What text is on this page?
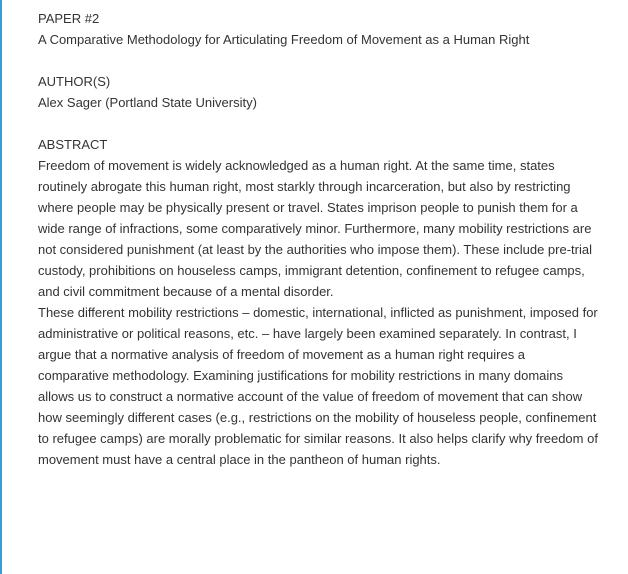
PAPER #2

A Comparative Methodology for Articulating Freedom of Movement as a Human Right

AUTHOR(S)

Alex Sager (Portland State University)

ABSTRACT

Freedom of movement is widely acknowledged as a human right. At the same time, states routinely abrogate this human right, most starkly through incarceration, but also by restricting where people may be physically present or travel. States imprison people to punish them for a wide range of infractions, some comparatively minor. Furthermore, many mobility restrictions are not considered punishment (at least by the authorities who impose them). These include pre-trial custody, prohibitions on houseless camps, immigrant detention, confinement to refugee camps, and civil commitment because of a mental disorder.

These different mobility restrictions – domestic, international, inflicted as punishment, imposed for administrative or political reasons, etc. – have largely been examined separately. In contrast, I argue that a normative analysis of freedom of movement as a human right requires a comparative methodology. Examining justifications for mobility restrictions in many domains allows us to construct a normative account of the value of freedom of movement that can show how seemingly different cases (e.g., restrictions on the mobility of houseless people, confinement to refugee camps) are morally problematic for similar reasons. It also helps clarify why freedom of movement must have a central place in the pantheon of human rights.
